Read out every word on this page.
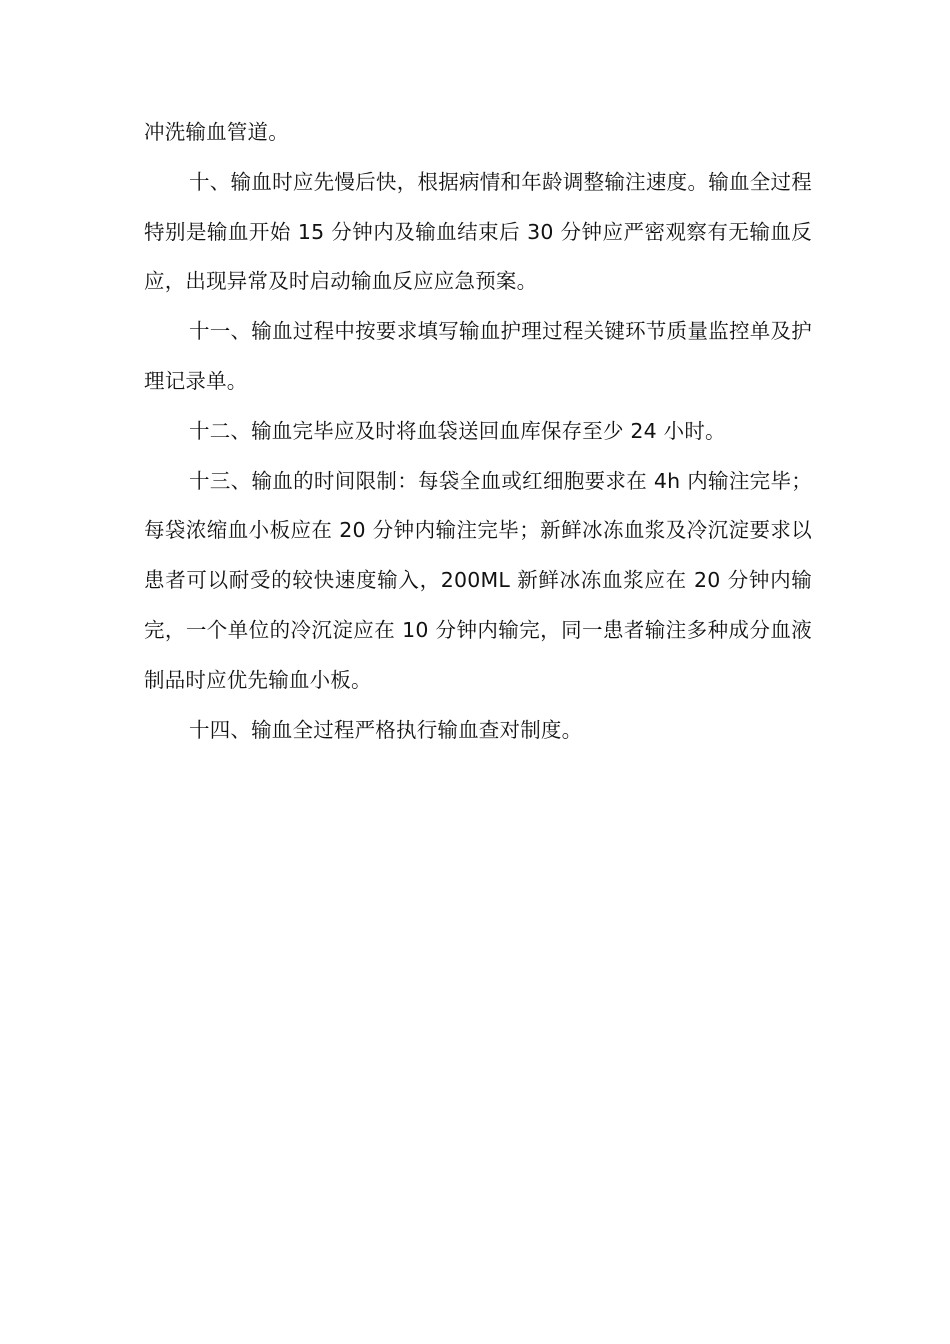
冲洗输血管道。

十、输血时应先慢后快，根据病情和年龄调整输注速度。输血全过程特别是输血开始 15 分钟内及输血结束后 30 分钟应严密观察有无输血反应，出现异常及时启动输血反应应急预案。

十一、输血过程中按要求填写输血护理过程关键环节质量监控单及护理记录单。

十二、输血完毕应及时将血袋送回血库保存至少 24 小时。

十三、输血的时间限制：每袋全血或红细胞要求在 4h 内输注完毕；每袋浓缩血小板应在 20 分钟内输注完毕；新鲜冰冻血浆及冷沉淀要求以患者可以耐受的较快速度输入，200ML 新鲜冰冻血浆应在 20 分钟内输完，一个单位的冷沉淀应在 10 分钟内输完，同一患者输注多种成分血液制品时应优先输血小板。

十四、输血全过程严格执行输血查对制度。
